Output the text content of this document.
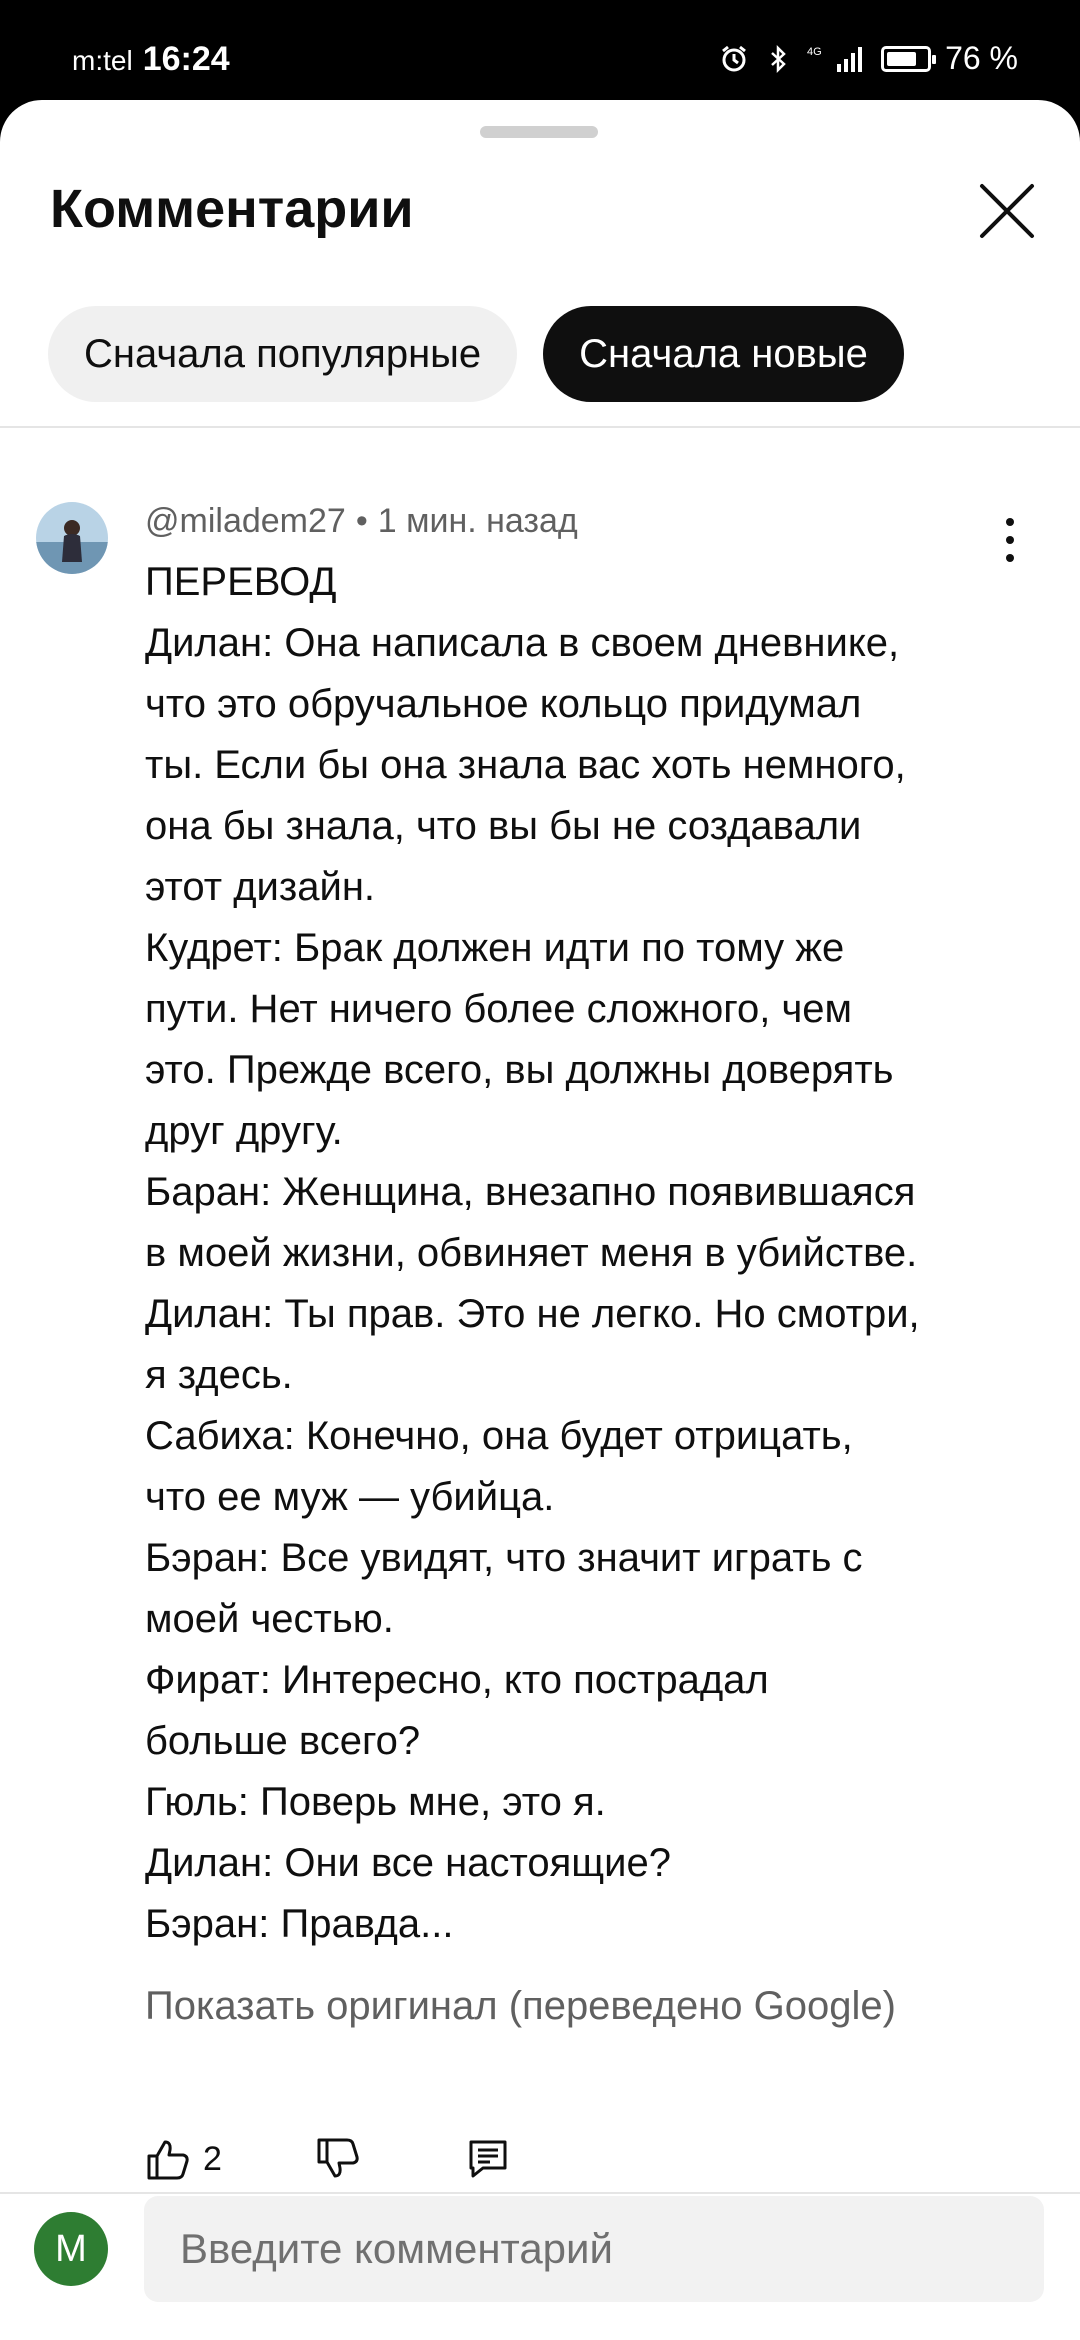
m:tel 16:24	4G	76 %
Комментарии
Сначала популярные	Сначала новые
@miladem27 • 1 мин. назад
ПЕРЕВОД
Дилан: Она написала в своем дневнике,
что это обручальное кольцо придумал
ты. Если бы она знала вас хоть немного,
она бы знала, что вы бы не создавали
этот дизайн.
Кудрет: Брак должен идти по тому же
пути. Нет ничего более сложного, чем
это. Прежде всего, вы должны доверять
друг другу.
Баран: Женщина, внезапно появившаяся
в моей жизни, обвиняет меня в убийстве.
Дилан: Ты прав. Это не легко. Но смотри,
я здесь.
Сабиха: Конечно, она будет отрицать,
что ее муж — убийца.
Бэран: Все увидят, что значит играть с
моей честью.
Фират: Интересно, кто пострадал
больше всего?
Гюль: Поверь мне, это я.
Дилан: Они все настоящие?
Бэран: Правда...
Показать оригинал (переведено Google)
2
M
Введите комментарий
